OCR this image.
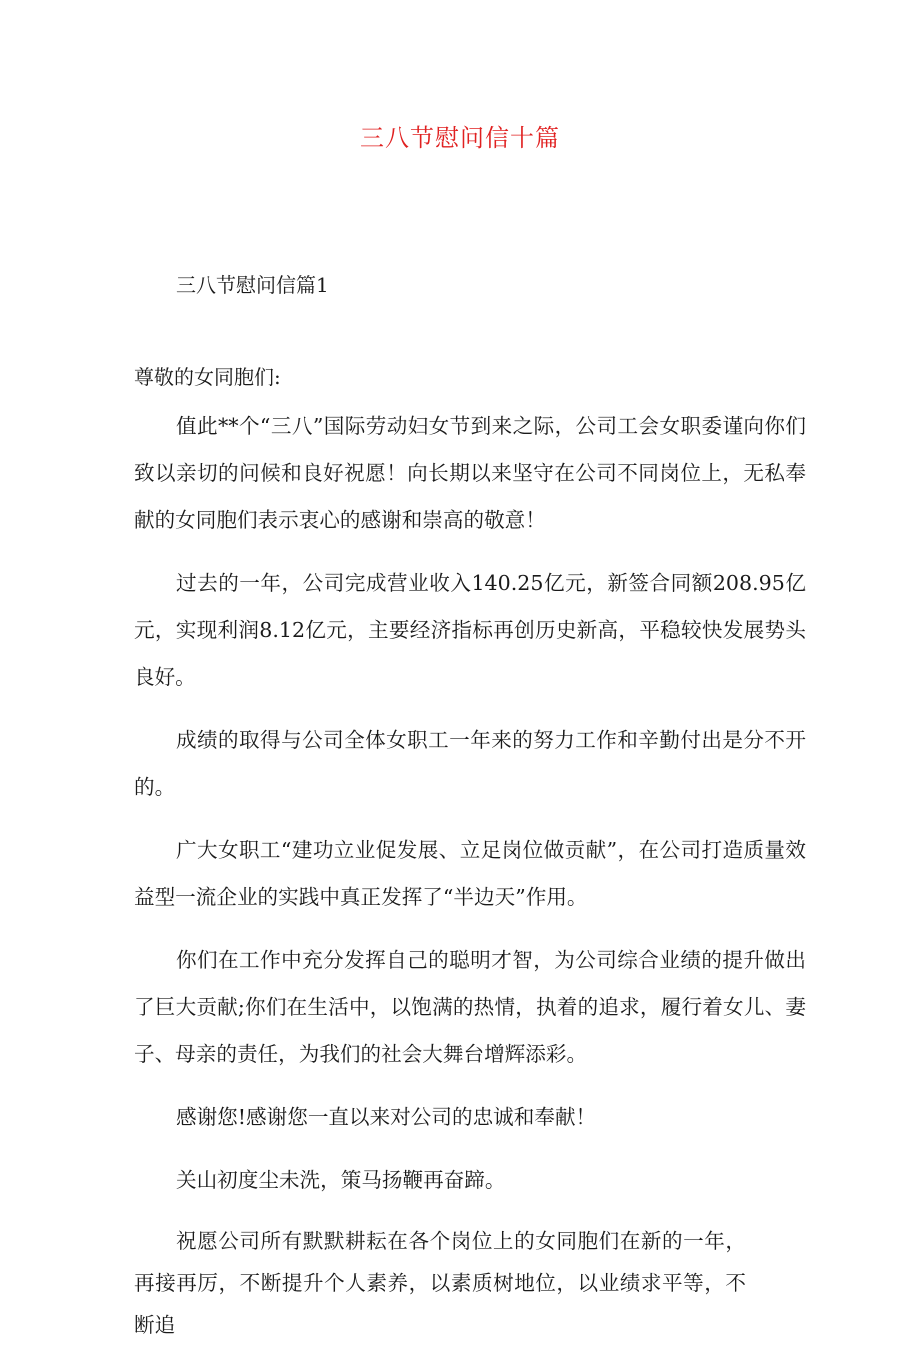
三八节慰问信十篇
三八节慰问信篇1
尊敬的女同胞们:

值此**个“三八”国际劳动妇女节到来之际，公司工会女职委谨向你们致以亲切的问候和良好祝愿！向长期以来坚守在公司不同岗位上，无私奉献的女同胞们表示衷心的感谢和崇高的敬意！

过去的一年，公司完成营业收入140.25亿元，新签合同额208.95亿元，实现利润8.12亿元，主要经济指标再创历史新高，平稳较快发展势头良好。

成绩的取得与公司全体女职工一年来的努力工作和辛勤付出是分不开的。

广大女职工“建功立业促发展、立足岗位做贡献”，在公司打造质量效益型一流企业的实践中真正发挥了“半边天”作用。

你们在工作中充分发挥自己的聪明才智，为公司综合业绩的提升做出了巨大贡献;你们在生活中，以饱满的热情，执着的追求，履行着女儿、妻子、母亲的责任，为我们的社会大舞台增辉添彩。

感谢您!感谢您一直以来对公司的忠诚和奉献！

关山初度尘未洗，策马扬鞭再奋蹄。

祝愿公司所有默默耕耘在各个岗位上的女同胞们在新的一年，再接再厉，不断提升个人素养，以素质树地位，以业绩求平等，不断追
